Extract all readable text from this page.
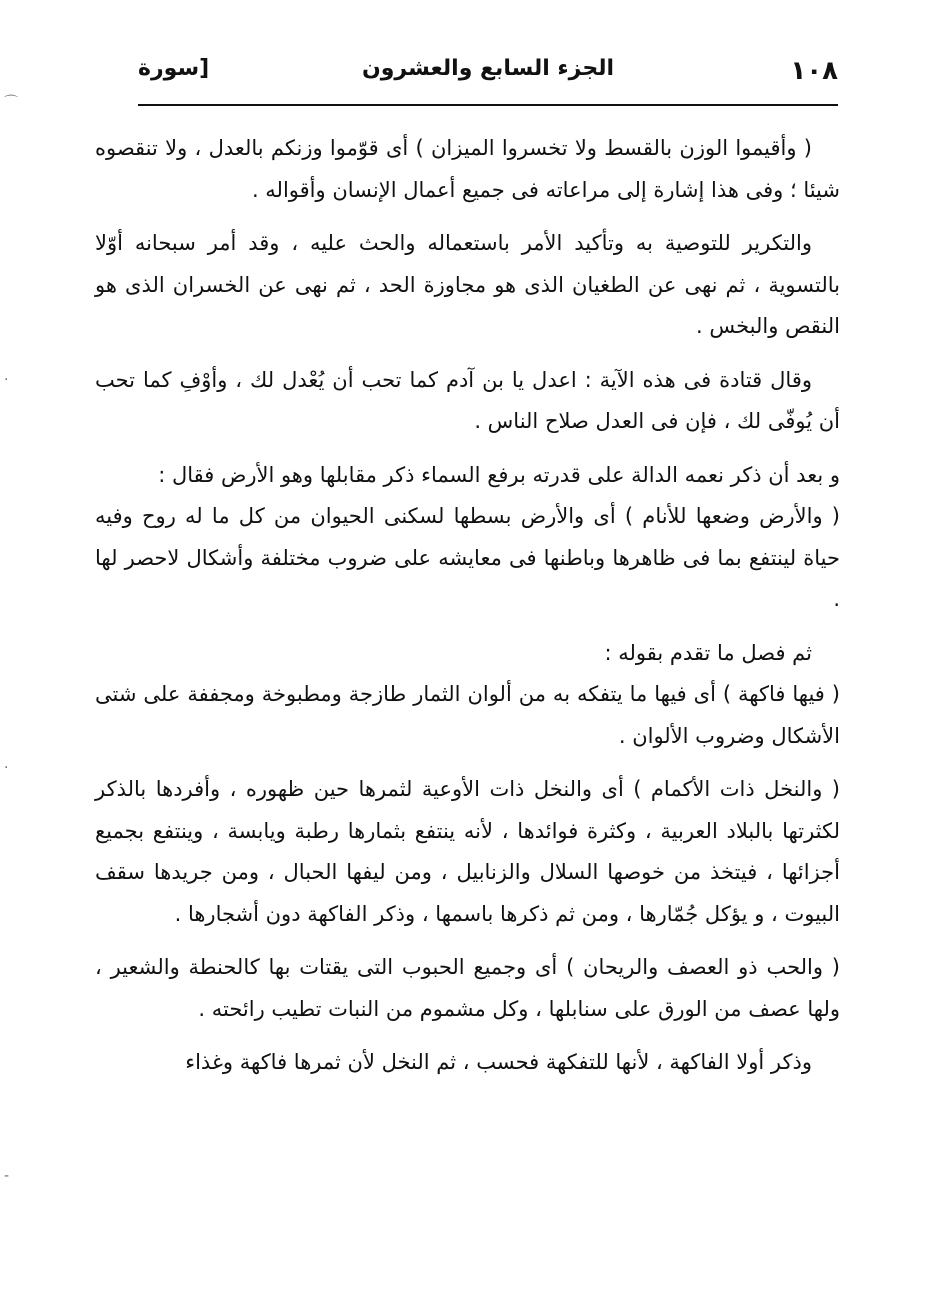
١٠٨
الجزء السابع والعشرون
[سورة
⌒
·
·
-

( وأقيموا الوزن بالقسط ولا تخسروا الميزان ) أى قوّموا وزنكم بالعدل ، ولا تنقصوه شيئا ؛ وفى هذا إشارة إلى مراعاته فى جميع أعمال الإنسان وأقواله .

والتكرير للتوصية به وتأكيد الأمر باستعماله والحث عليه ، وقد أمر سبحانه أوّلا بالتسوية ، ثم نهى عن الطغيان الذى هو مجاوزة الحد ، ثم نهى عن الخسران الذى هو النقص والبخس .

وقال قتادة فى هذه الآية : اعدل يا بن آدم كما تحب أن يُعْدل لك ، وأوْفِ كما تحب أن يُوفّى لك ، فإن فى العدل صلاح الناس .

و بعد أن ذكر نعمه الدالة على قدرته برفع السماء ذكر مقابلها وهو الأرض فقال :

( والأرض وضعها للأنام ) أى والأرض بسطها لسكنى الحيوان من كل ما له روح وفيه حياة لينتفع بما فى ظاهرها وباطنها فى معايشه على ضروب مختلفة وأشكال لاحصر لها .

ثم فصل ما تقدم بقوله :

( فيها فاكهة ) أى فيها ما يتفكه به من ألوان الثمار طازجة ومطبوخة ومجففة على شتى الأشكال وضروب الألوان .

( والنخل ذات الأكمام ) أى والنخل ذات الأوعية لثمرها حين ظهوره ، وأفردها بالذكر لكثرتها بالبلاد العربية ، وكثرة فوائدها ، لأنه ينتفع بثمارها رطبة ويابسة ، وينتفع بجميع أجزائها ، فيتخذ من خوصها السلال والزنابيل ، ومن ليفها الحبال ، ومن جريدها سقف البيوت ، و يؤكل جُمّارها ، ومن ثم ذكرها باسمها ، وذكر الفاكهة دون أشجارها .

( والحب ذو العصف والريحان ) أى وجميع الحبوب التى يقتات بها كالحنطة والشعير ، ولها عصف من الورق على سنابلها ، وكل مشموم من النبات تطيب رائحته .

وذكر أولا الفاكهة ، لأنها للتفكهة فحسب ، ثم النخل لأن ثمرها فاكهة وغذاء
